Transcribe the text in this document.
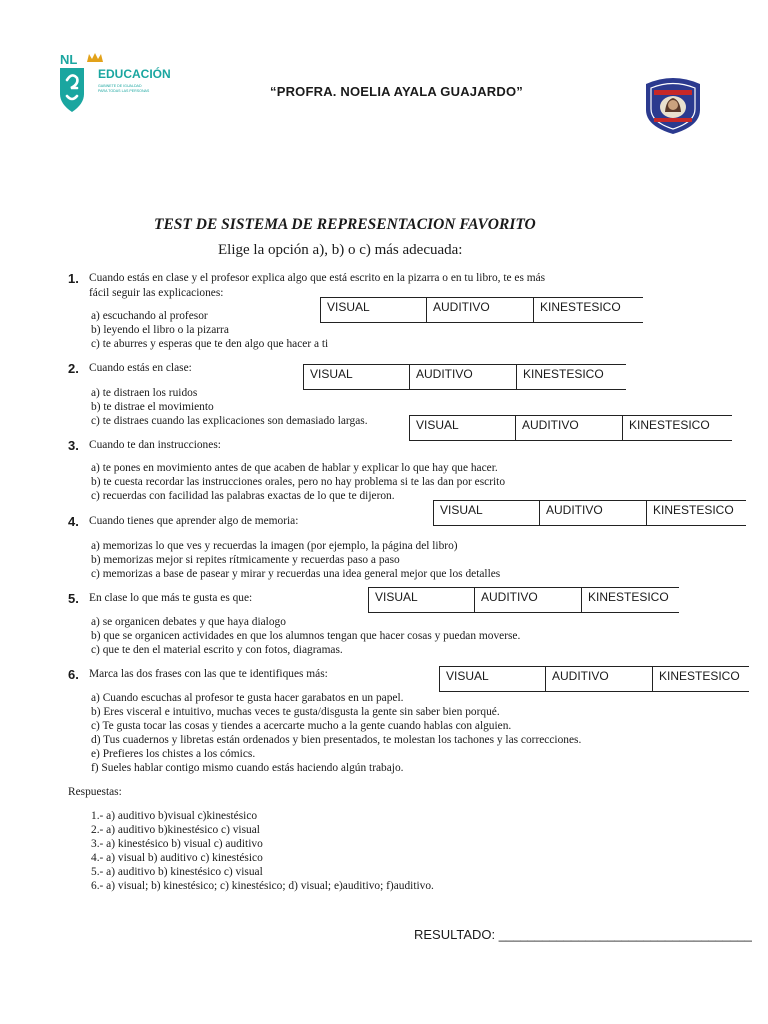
NL
EDUCACIÓN
GABINETE DE IGUALDAD
PARA TODAS LAS PERSONAS	“PROFRA. NOELIA AYALA GUAJARDO”
TEST DE SISTEMA DE REPRESENTACION FAVORITO
Elige la opción a), b) o c) más adecuada:
1. Cuando estás en clase y el profesor explica algo que está escrito en la pizarra o en tu libro, te es más
fácil seguir las explicaciones:
a) escuchando al profesor
b) leyendo el libro o la pizarra
c) te aburres y esperas que te den algo que hacer a ti
VISUAL	AUDITIVO	KINESTESICO
2. Cuando estás en clase:
a) te distraen los ruidos
b) te distrae el movimiento
c) te distraes cuando las explicaciones son demasiado largas.
VISUAL	AUDITIVO	KINESTESICO
VISUAL	AUDITIVO	KINESTESICO
3. Cuando te dan instrucciones:
a) te pones en movimiento antes de que acaben de hablar y explicar lo que hay que hacer.
b) te cuesta recordar las instrucciones orales, pero no hay problema si te las dan por escrito
c) recuerdas con facilidad las palabras exactas de lo que te dijeron.
VISUAL	AUDITIVO	KINESTESICO
4. Cuando tienes que aprender algo de memoria:
a) memorizas lo que ves y recuerdas la imagen (por ejemplo, la página del libro)
b) memorizas mejor si repites rítmicamente y recuerdas paso a paso
c) memorizas a base de pasear y mirar y recuerdas una idea general mejor que los detalles
5. En clase lo que más te gusta es que:
a) se organicen debates y que haya dialogo
b) que se organicen actividades en que los alumnos tengan que hacer cosas y puedan moverse.
c) que te den el material escrito y con fotos, diagramas.
VISUAL	AUDITIVO	KINESTESICO
6. Marca las dos frases con las que te identifiques más:
a) Cuando escuchas al profesor te gusta hacer garabatos en un papel.
b) Eres visceral e intuitivo, muchas veces te gusta/disgusta la gente sin saber bien porqué.
c) Te gusta tocar las cosas y tiendes a acercarte mucho a la gente cuando hablas con alguien.
d) Tus cuadernos y libretas están ordenados y bien presentados, te molestan los tachones y las correcciones.
e) Prefieres los chistes a los cómics.
f) Sueles hablar contigo mismo cuando estás haciendo algún trabajo.
VISUAL	AUDITIVO	KINESTESICO
Respuestas:
1.- a) auditivo b)visual c)kinestésico
2.- a) auditivo b)kinestésico c) visual
3.- a) kinestésico b) visual c) auditivo
4.- a) visual b) auditivo c) kinestésico
5.- a) auditivo b) kinestésico c) visual
6.- a) visual; b) kinestésico; c) kinestésico; d) visual; e)auditivo; f)auditivo.
RESULTADO: ___________________________________
